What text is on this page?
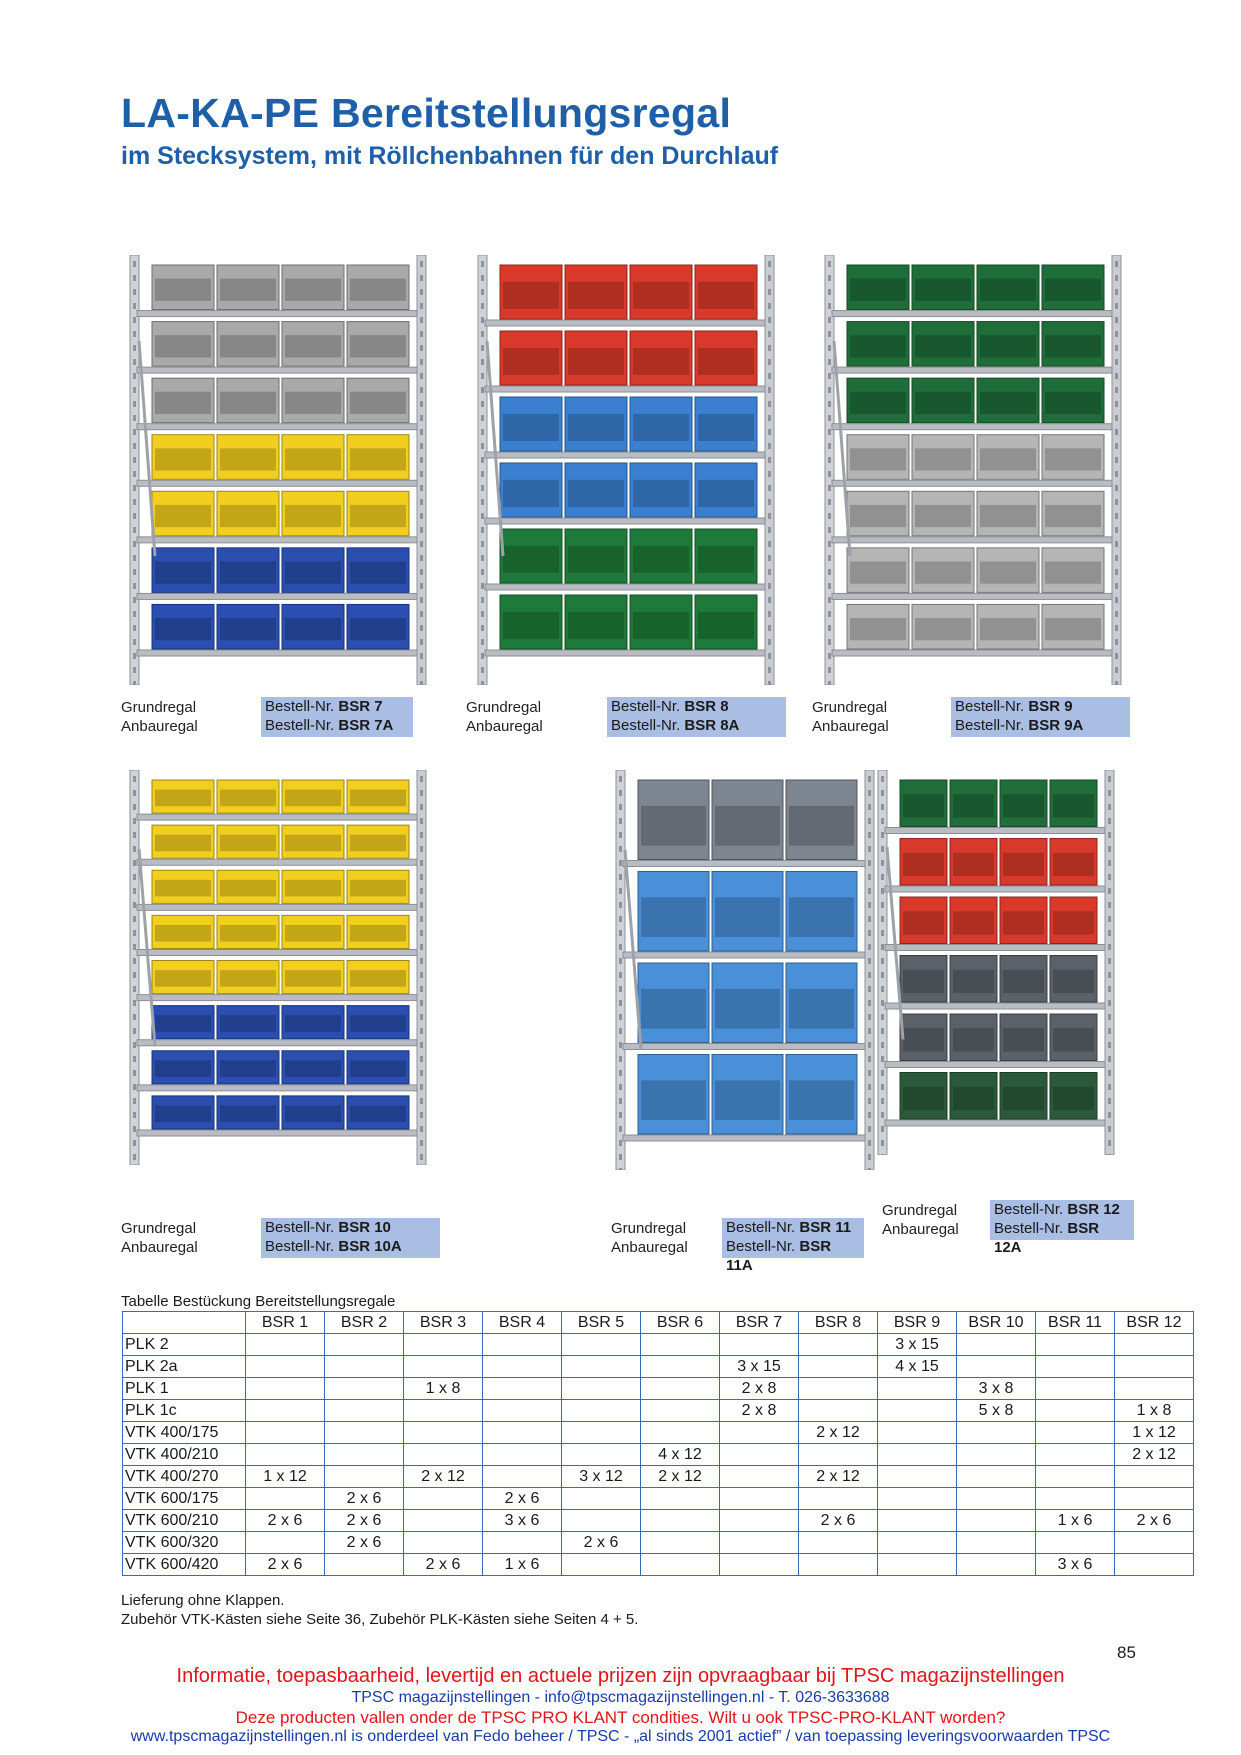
LA-KA-PE Bereitstellungsregal
im Stecksystem, mit Röllchenbahnen für den Durchlauf
Grundregal
Anbauregal
Bestell-Nr. BSR 7
Bestell-Nr. BSR 7A
Grundregal
Anbauregal
Bestell-Nr. BSR 8
Bestell-Nr. BSR 8A
Grundregal
Anbauregal
Bestell-Nr. BSR 9
Bestell-Nr. BSR 9A
Grundregal
Anbauregal
Bestell-Nr. BSR 10
Bestell-Nr. BSR 10A
Grundregal
Anbauregal
Bestell-Nr. BSR 11
Bestell-Nr. BSR 11A
Grundregal
Anbauregal
Bestell-Nr. BSR 12
Bestell-Nr. BSR 12A
Tabelle Bestückung Bereitstellungsregale
	BSR 1	BSR 2	BSR 3	BSR 4	BSR 5	BSR 6	BSR 7	BSR 8	BSR 9	BSR 10	BSR 11	BSR 12
PLK 2									3 x 15			
PLK 2a							3 x 15		4 x 15			
PLK 1			1 x 8				2 x 8			3 x 8		
PLK 1c							2 x 8			5 x 8		1 x 8
VTK 400/175								2 x 12				1 x 12
VTK 400/210						4 x 12						2 x 12
VTK 400/270	1 x 12		2 x 12		3 x 12	2 x 12		2 x 12				
VTK 600/175		2 x 6		2 x 6								
VTK 600/210	2 x 6	2 x 6		3 x 6				2 x 6			1 x 6	2 x 6
VTK 600/320		2 x 6			2 x 6							
VTK 600/420	2 x 6		2 x 6	1 x 6							3 x 6	
Lieferung ohne Klappen.
Zubehör VTK-Kästen siehe Seite 36, Zubehör PLK-Kästen siehe Seiten 4 + 5.
85
Informatie, toepasbaarheid, levertijd en actuele prijzen zijn opvraagbaar bij TPSC magazijnstellingen
TPSC magazijnstellingen - info@tpscmagazijnstellingen.nl - T. 026-3633688
Deze producten vallen onder de TPSC PRO KLANT condities. Wilt u ook TPSC-PRO-KLANT worden?
www.tpscmagazijnstellingen.nl is onderdeel van Fedo beheer / TPSC - „al sinds 2001 actief” / van toepassing leveringsvoorwaarden TPSC
